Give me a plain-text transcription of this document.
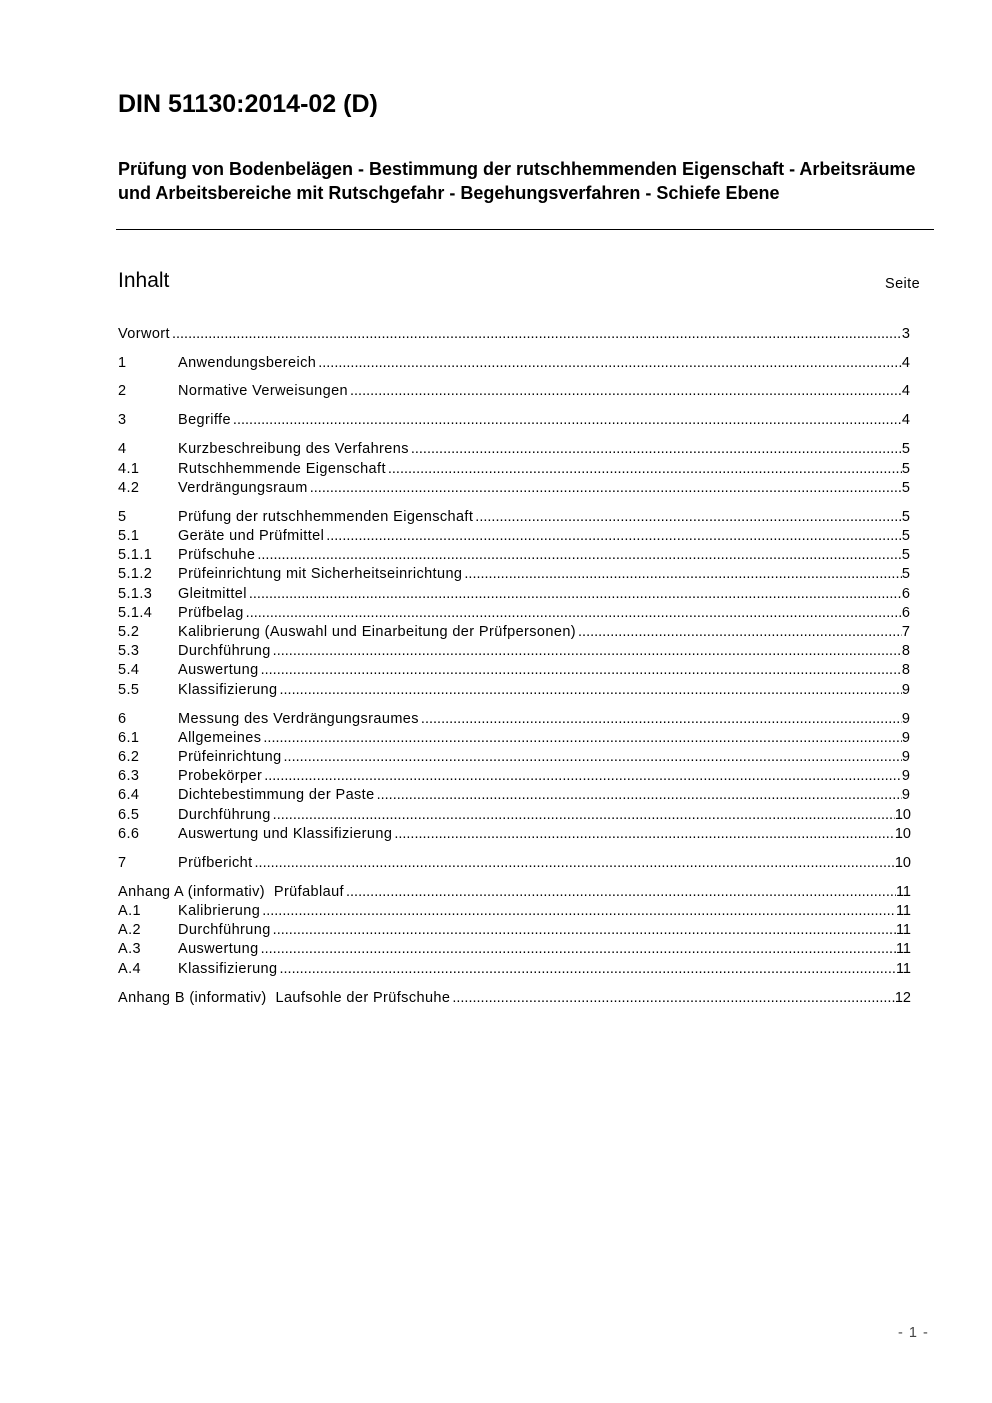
DIN 51130:2014-02 (D)
Prüfung von Bodenbelägen - Bestimmung der rutschhemmenden Eigenschaft - Arbeitsräume und Arbeitsbereiche mit Rutschgefahr - Begehungsverfahren - Schiefe Ebene
Inhalt	Seite
Vorwort .....	3
1	Anwendungsbereich .....	4
2	Normative Verweisungen .....	4
3	Begriffe .....	4
4	Kurzbeschreibung des Verfahrens .....	5
4.1	Rutschhemmende Eigenschaft .....	5
4.2	Verdrängungsraum .....	5
5	Prüfung der rutschhemmenden Eigenschaft .....	5
5.1	Geräte und Prüfmittel .....	5
5.1.1	Prüfschuhe .....	5
5.1.2	Prüfeinrichtung mit Sicherheitseinrichtung .....	5
5.1.3	Gleitmittel .....	6
5.1.4	Prüfbelag .....	6
5.2	Kalibrierung (Auswahl und Einarbeitung der Prüfpersonen) .....	7
5.3	Durchführung .....	8
5.4	Auswertung .....	8
5.5	Klassifizierung .....	9
6	Messung des Verdrängungsraumes .....	9
6.1	Allgemeines .....	9
6.2	Prüfeinrichtung .....	9
6.3	Probekörper .....	9
6.4	Dichtebestimmung der Paste .....	9
6.5	Durchführung .....	10
6.6	Auswertung und Klassifizierung .....	10
7	Prüfbericht .....	10
Anhang A (informativ)  Prüfablauf .....	11
A.1	Kalibrierung .....	11
A.2	Durchführung .....	11
A.3	Auswertung .....	11
A.4	Klassifizierung .....	11
Anhang B (informativ)  Laufsohle der Prüfschuhe .....	12
- 1 -
